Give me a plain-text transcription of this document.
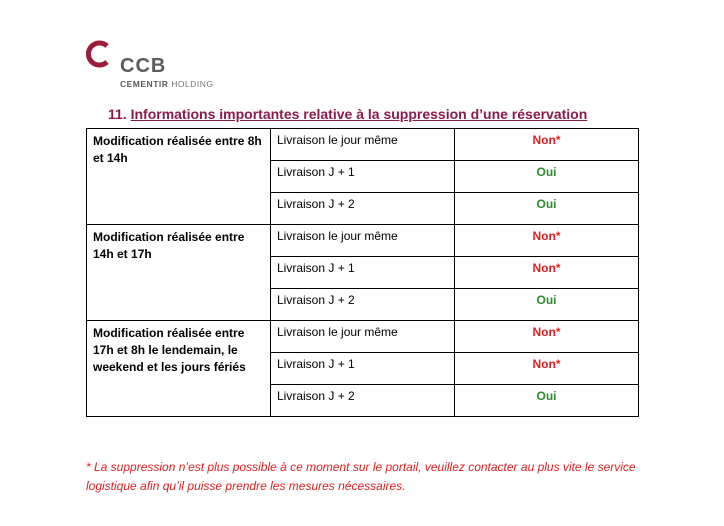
CCB
CEMENTIR HOLDING
11. Informations importantes relative à la suppression d’une réservation
Modification réalisée entre 8h et 14h	Livraison le jour même	Non*
	Livraison J + 1	Oui
	Livraison J + 2	Oui
Modification réalisée entre 14h et 17h	Livraison le jour même	Non*
	Livraison J + 1	Non*
	Livraison J + 2	Oui
Modification réalisée entre 17h et 8h le lendemain, le weekend et les jours fériés	Livraison le jour même	Non*
	Livraison J + 1	Non*
	Livraison J + 2	Oui
* La suppression n’est plus possible à ce moment sur le portail, veuillez contacter au plus vite le service logistique afin qu’il puisse prendre les mesures nécessaires.
